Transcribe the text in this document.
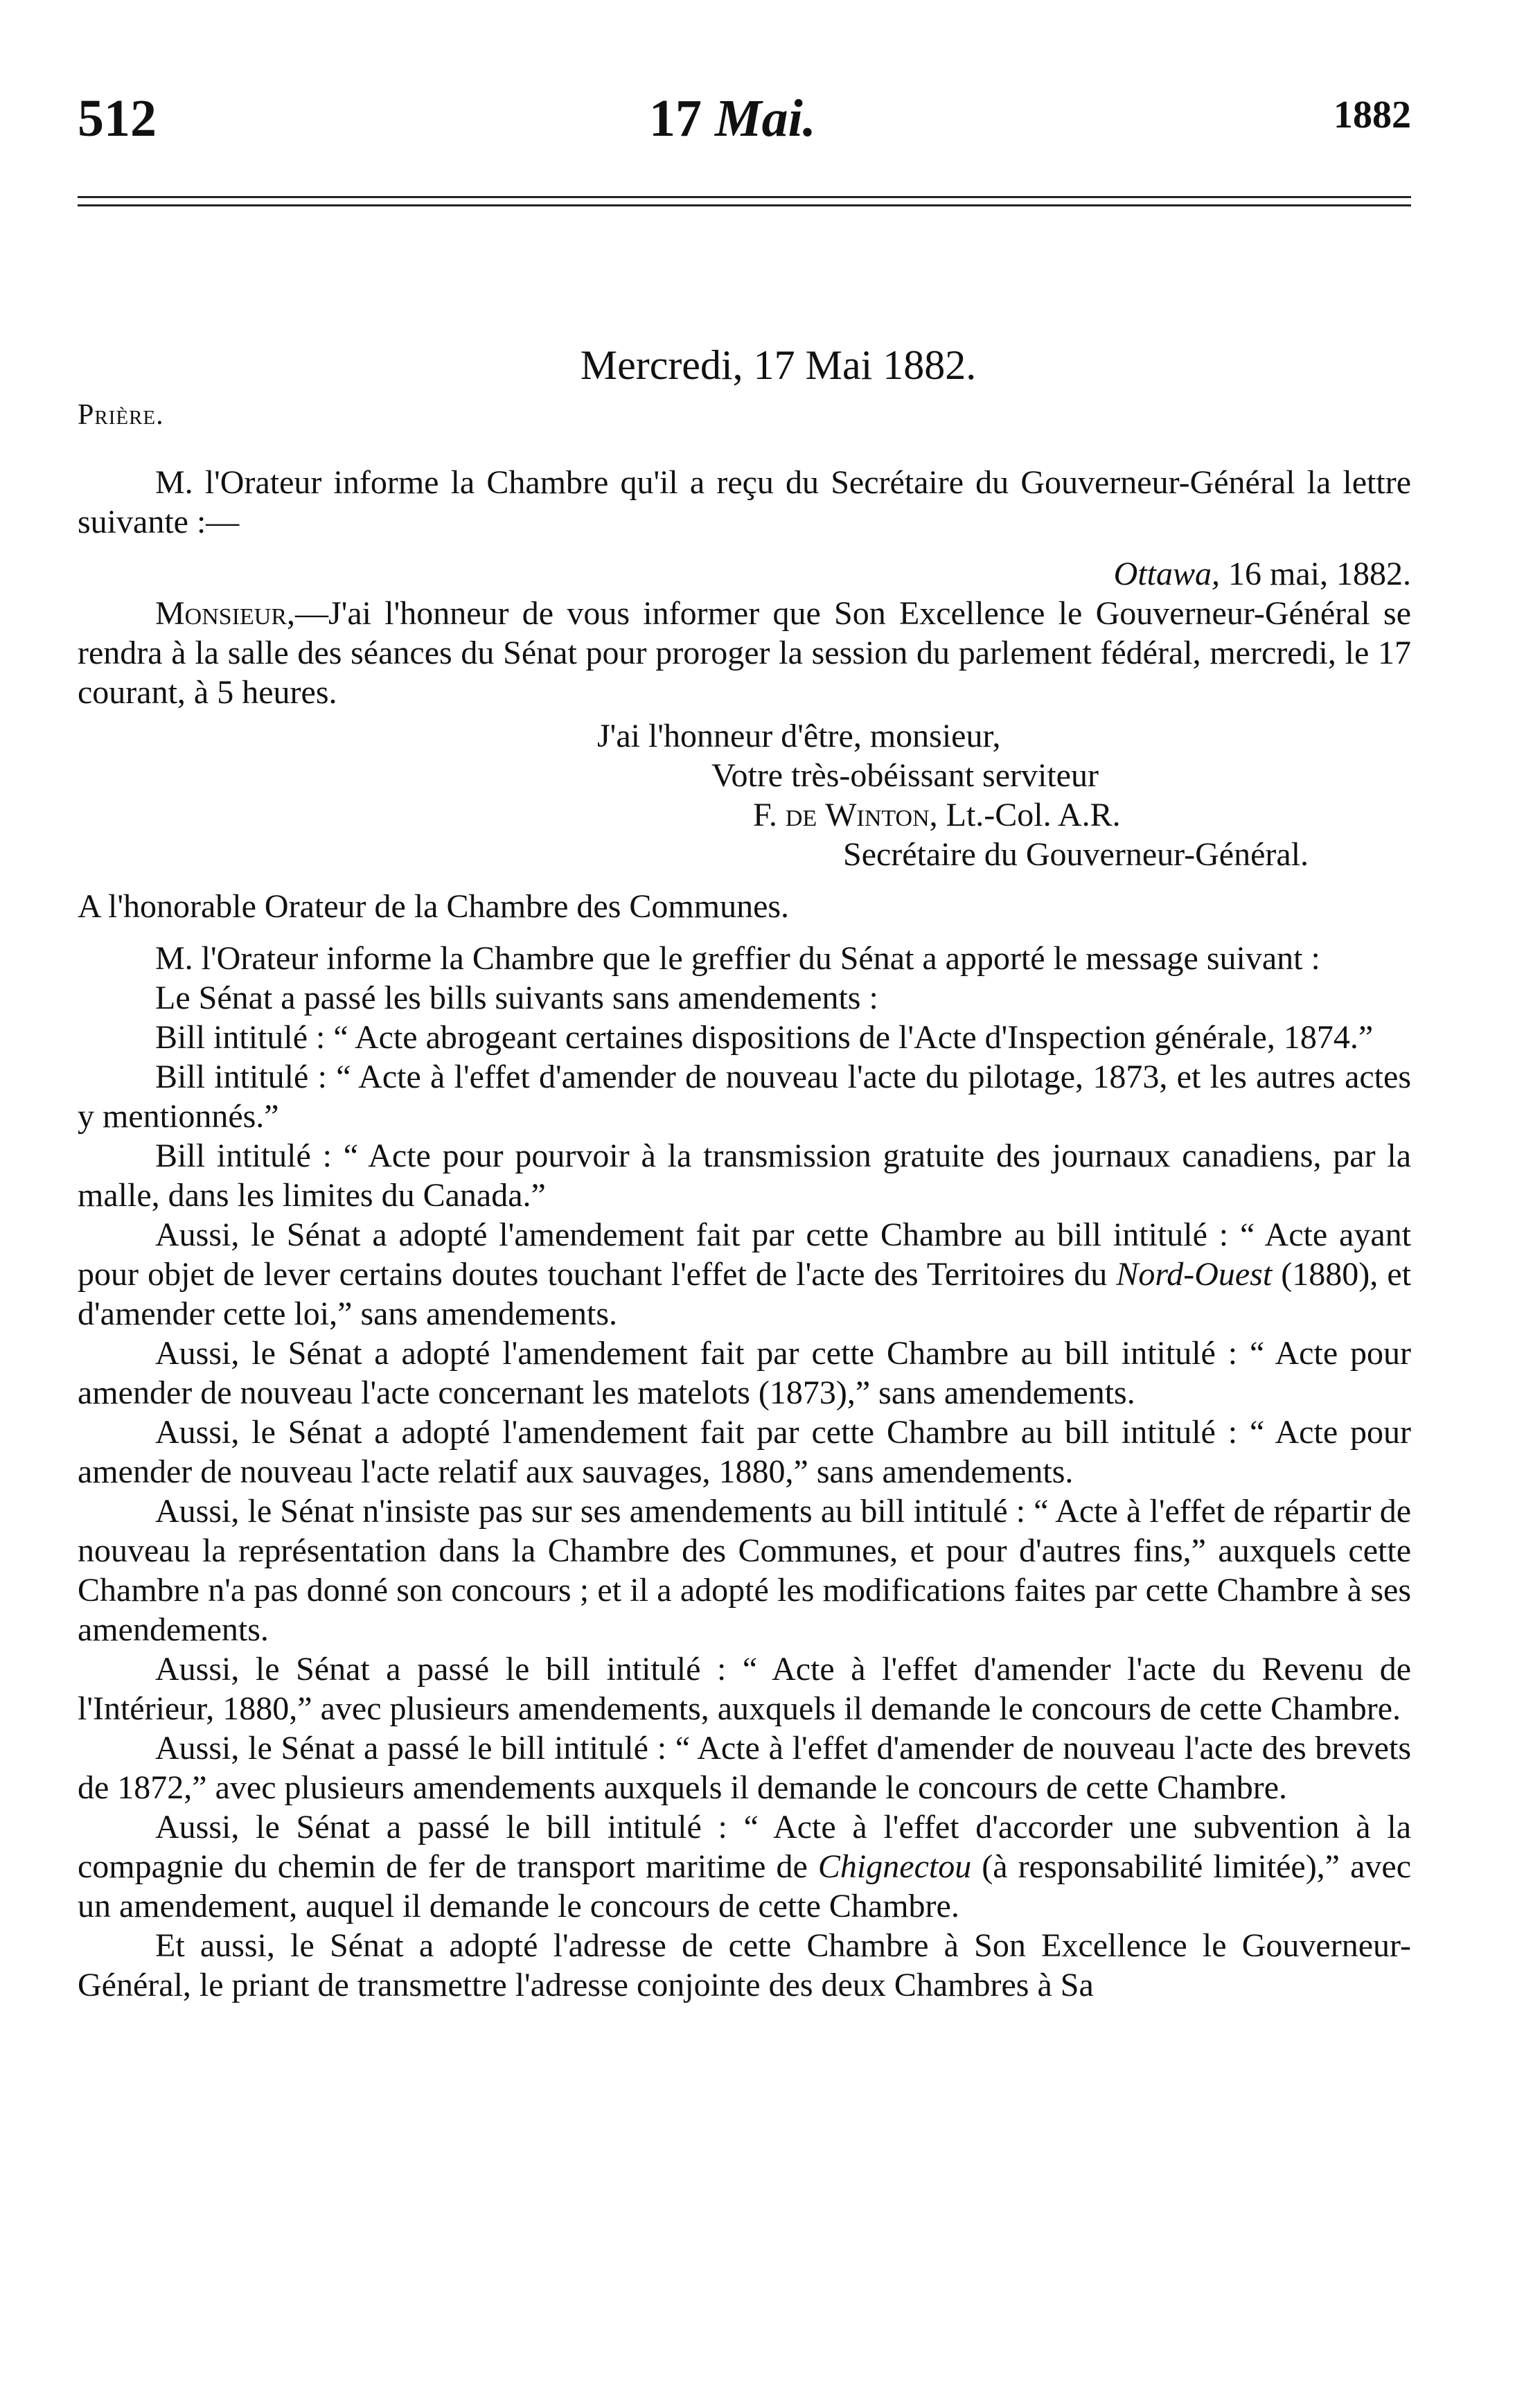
512	17 Mai.	1882
Mercredi, 17 Mai 1882.
Prière.

M. l'Orateur informe la Chambre qu'il a reçu du Secrétaire du Gouverneur-Général la lettre suivante :—

Ottawa, 16 mai, 1882.

Monsieur,—J'ai l'honneur de vous informer que Son Excellence le Gouverneur-Général se rendra à la salle des séances du Sénat pour proroger la session du parlement fédéral, mercredi, le 17 courant, à 5 heures.

J'ai l'honneur d'être, monsieur,

Votre très-obéissant serviteur

F. de Winton, Lt.-Col. A.R.

Secrétaire du Gouverneur-Général.

A l'honorable Orateur de la Chambre des Communes.

M. l'Orateur informe la Chambre que le greffier du Sénat a apporté le message suivant :

Le Sénat a passé les bills suivants sans amendements :

Bill intitulé : “ Acte abrogeant certaines dispositions de l'Acte d'Inspection générale, 1874.”

Bill intitulé : “ Acte à l'effet d'amender de nouveau l'acte du pilotage, 1873, et les autres actes y mentionnés.”

Bill intitulé : “ Acte pour pourvoir à la transmission gratuite des journaux canadiens, par la malle, dans les limites du Canada.”

Aussi, le Sénat a adopté l'amendement fait par cette Chambre au bill intitulé : “ Acte ayant pour objet de lever certains doutes touchant l'effet de l'acte des Territoires du Nord-Ouest (1880), et d'amender cette loi,” sans amendements.

Aussi, le Sénat a adopté l'amendement fait par cette Chambre au bill intitulé : “ Acte pour amender de nouveau l'acte concernant les matelots (1873),” sans amendements.

Aussi, le Sénat a adopté l'amendement fait par cette Chambre au bill intitulé : “ Acte pour amender de nouveau l'acte relatif aux sauvages, 1880,” sans amendements.

Aussi, le Sénat n'insiste pas sur ses amendements au bill intitulé : “ Acte à l'effet de répartir de nouveau la représentation dans la Chambre des Communes, et pour d'autres fins,” auxquels cette Chambre n'a pas donné son concours ; et il a adopté les modifications faites par cette Chambre à ses amendements.

Aussi, le Sénat a passé le bill intitulé : “ Acte à l'effet d'amender l'acte du Revenu de l'Intérieur, 1880,” avec plusieurs amendements, auxquels il demande le concours de cette Chambre.

Aussi, le Sénat a passé le bill intitulé : “ Acte à l'effet d'amender de nouveau l'acte des brevets de 1872,” avec plusieurs amendements auxquels il demande le concours de cette Chambre.

Aussi, le Sénat a passé le bill intitulé : “ Acte à l'effet d'accorder une subvention à la compagnie du chemin de fer de transport maritime de Chignectou (à responsabilité limitée),” avec un amendement, auquel il demande le concours de cette Chambre.

Et aussi, le Sénat a adopté l'adresse de cette Chambre à Son Excellence le Gouverneur-Général, le priant de transmettre l'adresse conjointe des deux Chambres à Sa
